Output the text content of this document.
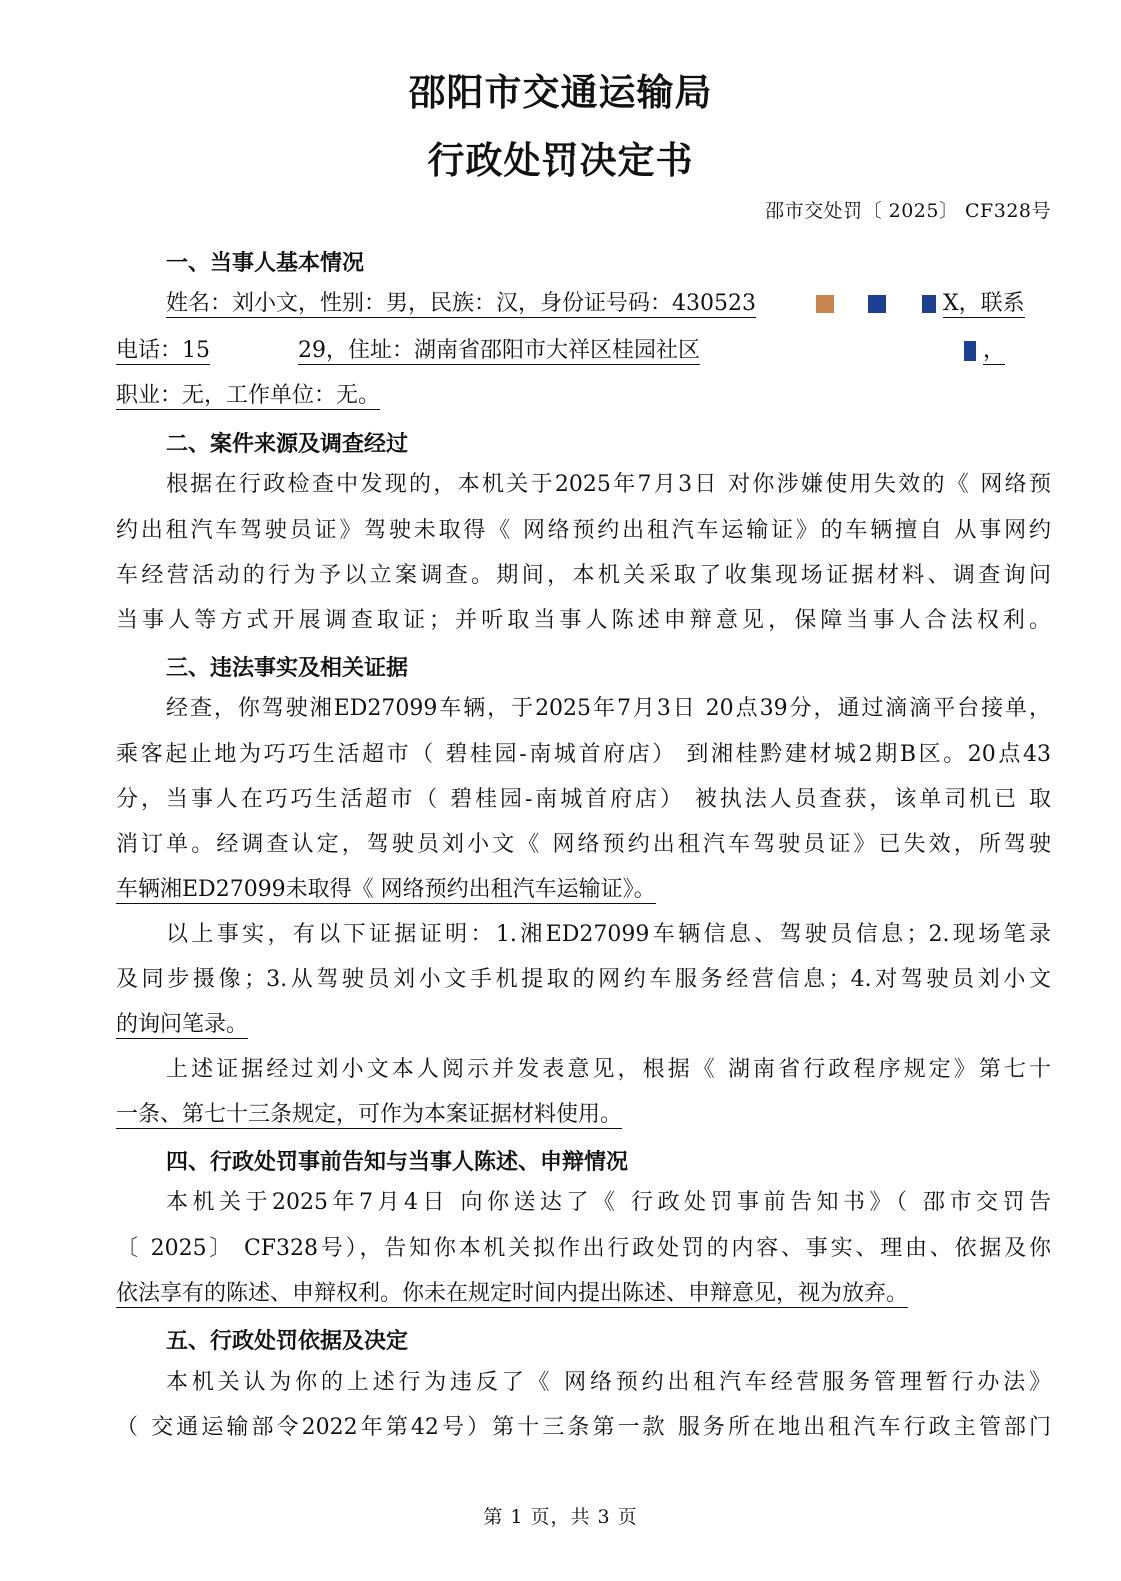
邵阳市交通运输局
行政处罚决定书
邵市交处罚〔 2025〕 CF328号
一、当事人基本情况
姓名：刘小文，性别：男，民族：汉，身份证号码：430523	X，联系
电话：15	29，住址：湖南省邵阳市大祥区桂园社区	，
职业：无，工作单位：无。
二、案件来源及调查经过
根据在行政检查中发现的，本机关于2025年7月3日 对你涉嫌使用失效的《 网络预
约出租汽车驾驶员证》驾驶未取得《 网络预约出租汽车运输证》的车辆擅自 从事网约
车经营活动的行为予以立案调查。期间，本机关采取了收集现场证据材料、调查询问
当事人等方式开展调查取证；并听取当事人陈述申辩意见，保障当事人合法权利。
三、违法事实及相关证据
经查，你驾驶湘ED27099车辆，于2025年7月3日 20点39分，通过滴滴平台接单，
乘客起止地为巧巧生活超市（ 碧桂园-南城首府店） 到湘桂黔建材城2期B区。20点43
分，当事人在巧巧生活超市（ 碧桂园-南城首府店） 被执法人员查获，该单司机已 取
消订单。经调查认定，驾驶员刘小文《 网络预约出租汽车驾驶员证》已失效，所驾驶
车辆湘ED27099未取得《 网络预约出租汽车运输证》。
以上事实，有以下证据证明：1.湘ED27099车辆信息、驾驶员信息；2.现场笔录
及同步摄像；3.从驾驶员刘小文手机提取的网约车服务经营信息；4.对驾驶员刘小文
的询问笔录。
上述证据经过刘小文本人阅示并发表意见，根据《 湖南省行政程序规定》第七十
一条、第七十三条规定，可作为本案证据材料使用。
四、行政处罚事前告知与当事人陈述、申辩情况
本机关于2025年7月4日 向你送达了《 行政处罚事前告知书》（ 邵市交罚告
〔 2025〕 CF328号），告知你本机关拟作出行政处罚的内容、事实、理由、依据及你
依法享有的陈述、申辩权利。你未在规定时间内提出陈述、申辩意见，视为放弃。
五、行政处罚依据及决定
本机关认为你的上述行为违反了《 网络预约出租汽车经营服务管理暂行办法》
（ 交通运输部令2022年第42号）第十三条第一款 服务所在地出租汽车行政主管部门
第 1 页，共 3 页
